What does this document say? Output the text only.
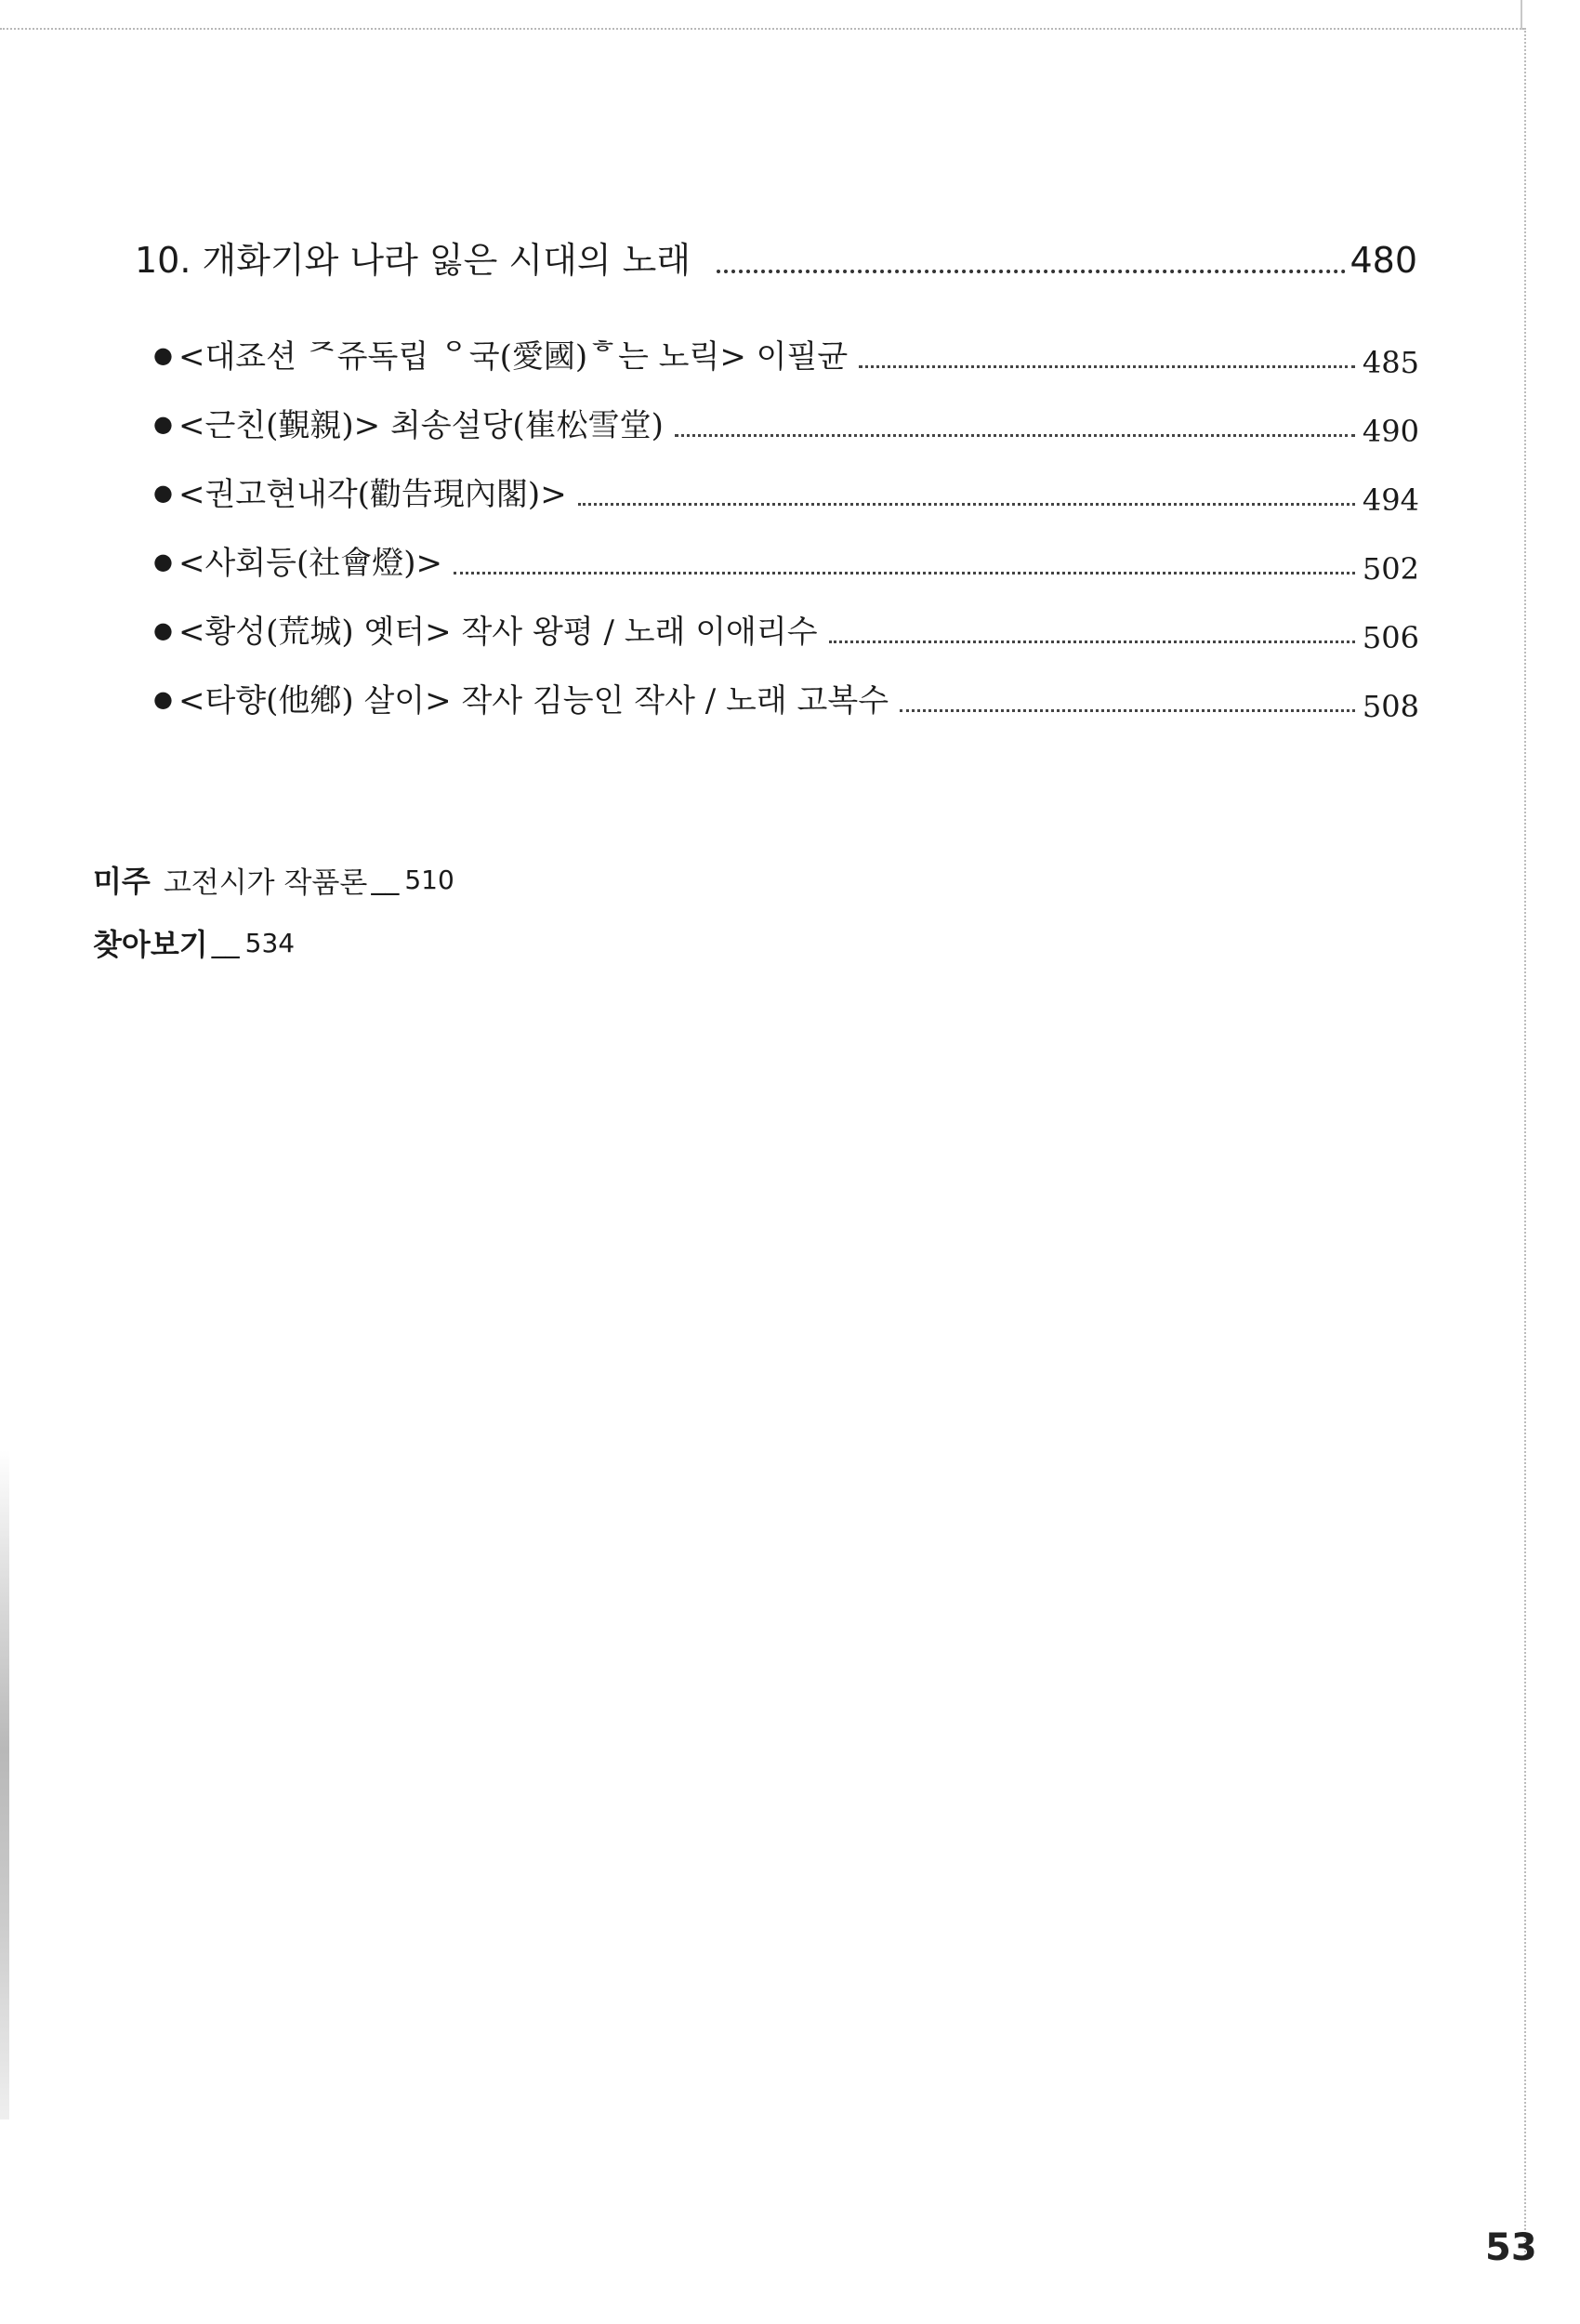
10. 개화기와 나라 잃은 시대의 노래	480
● <대죠션 ᄌ쥬독립 ᄋ국(愛國)ᄒ는 노릭> 이필균	485
● <근친(覲親)> 최송설당(崔松雪堂)	490
● <권고현내각(勸告現內閣)>	494
● <사회등(社會燈)>	502
● <황성(荒城) 옛터> 작사 왕평 / 노래 이애리수	506
● <타향(他鄕) 살이> 작사 김능인 작사 / 노래 고복수	508
미주 고전시가 작품론 __ 510
찾아보기 __ 534
53
